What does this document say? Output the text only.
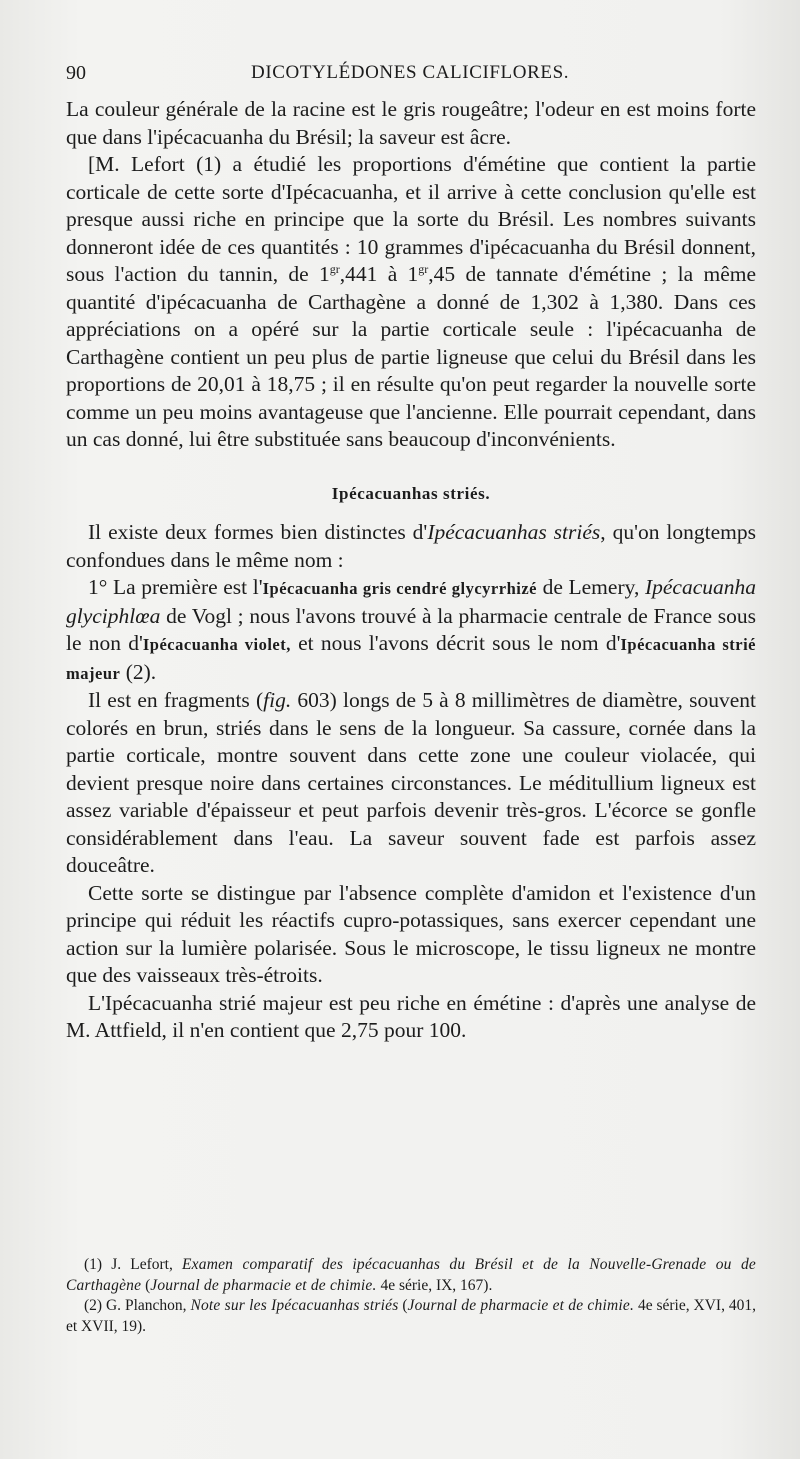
90	DICOTYLÉDONES CALICIFLORES.

La couleur générale de la racine est le gris rougeâtre; l'odeur en est moins forte que dans l'ipécacuanha du Brésil; la saveur est âcre.

[M. Lefort (1) a étudié les proportions d'émétine que contient la partie corticale de cette sorte d'Ipécacuanha, et il arrive à cette conclusion qu'elle est presque aussi riche en principe que la sorte du Brésil. Les nombres suivants donneront idée de ces quantités : 10 grammes d'ipécacuanha du Brésil donnent, sous l'action du tannin, de $1^{gr},441$ à $1^{gr},45$ de tannate d'émétine ; la même quantité d'ipécacuanha de Carthagène a donné de 1,302 à 1,380. Dans ces appréciations on a opéré sur la partie corticale seule : l'ipécacuanha de Carthagène contient un peu plus de partie ligneuse que celui du Brésil dans les proportions de 20,01 à 18,75 ; il en résulte qu'on peut regarder la nouvelle sorte comme un peu moins avantageuse que l'ancienne. Elle pourrait cependant, dans un cas donné, lui être substituée sans beaucoup d'inconvénients.

Ipécacuanhas striés.

Il existe deux formes bien distinctes d'Ipécacuanhas striés, qu'on longtemps confondues dans le même nom :

1° La première est l'Ipécacuanha gris cendré glycyrrhizé de Lemery, Ipécacuanha glyciphlœa de Vogl ; nous l'avons trouvé à la pharmacie centrale de France sous le non d'Ipécacuanha violet, et nous l'avons décrit sous le nom d'Ipécacuanha strié majeur (2).

Il est en fragments (fig. 603) longs de 5 à 8 millimètres de diamètre, souvent colorés en brun, striés dans le sens de la longueur. Sa cassure, cornée dans la partie corticale, montre souvent dans cette zone une couleur violacée, qui devient presque noire dans certaines circonstances. Le méditullium ligneux est assez variable d'épaisseur et peut parfois devenir très-gros. L'écorce se gonfle considérablement dans l'eau. La saveur souvent fade est parfois assez douceâtre.

Cette sorte se distingue par l'absence complète d'amidon et l'existence d'un principe qui réduit les réactifs cupro-potassiques, sans exercer cependant une action sur la lumière polarisée. Sous le microscope, le tissu ligneux ne montre que des vaisseaux très-étroits.

L'Ipécacuanha strié majeur est peu riche en émétine : d'après une analyse de M. Attfield, il n'en contient que 2,75 pour 100.

(1) J. Lefort, Examen comparatif des ipécacuanhas du Brésil et de la Nouvelle-Grenade ou de Carthagène (Journal de pharmacie et de chimie. 4e série, IX, 167).

(2) G. Planchon, Note sur les Ipécacuanhas striés (Journal de pharmacie et de chimie. 4e série, XVI, 401, et XVII, 19).
